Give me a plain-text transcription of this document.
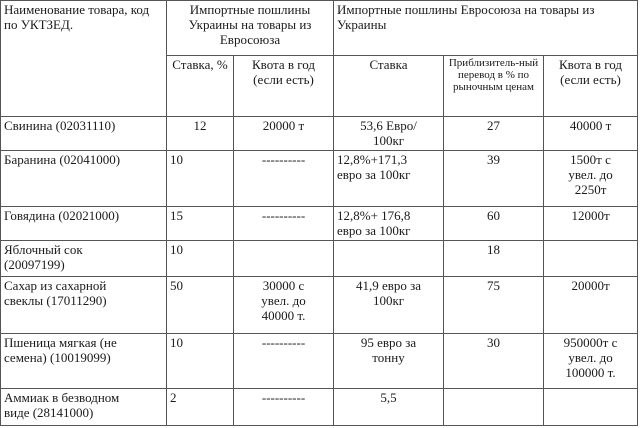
Наименование товара, код по УКТЗЕД.	Импортные пошлины Украины на товары из Евросоюза		Импортные пошлины Евросоюза на товары из Украины		

	Ставка, %	Квота в год (если есть)	Ставка	Приблизитель-ный перевод в % по рыночным ценам	Квота в год (если есть)

Свинина (02031110)	12	20000 т	53,6 Евро/
100кг	27	40000 т

Баранина (02041000)	10	----------	12,8%+171,3
евро за 100кг	39	1500т с
увел. до
2250т

Говядина (02021000)	15	----------	12,8%+ 176,8
евро за 100кг	60	12000т

Яблочный сок
(20097199)	10			18	

Сахар из сахарной
свеклы (17011290)	50	30000 с
увел. до
40000 т.	41,9 евро за
100кг	75	20000т

Пшеница мягкая (не
семена) (10019099)	10	----------	95 евро за
тонну	30	950000т с
увел. до
100000 т.

Аммиак в безводном
виде (28141000)	2	----------	5,5		
